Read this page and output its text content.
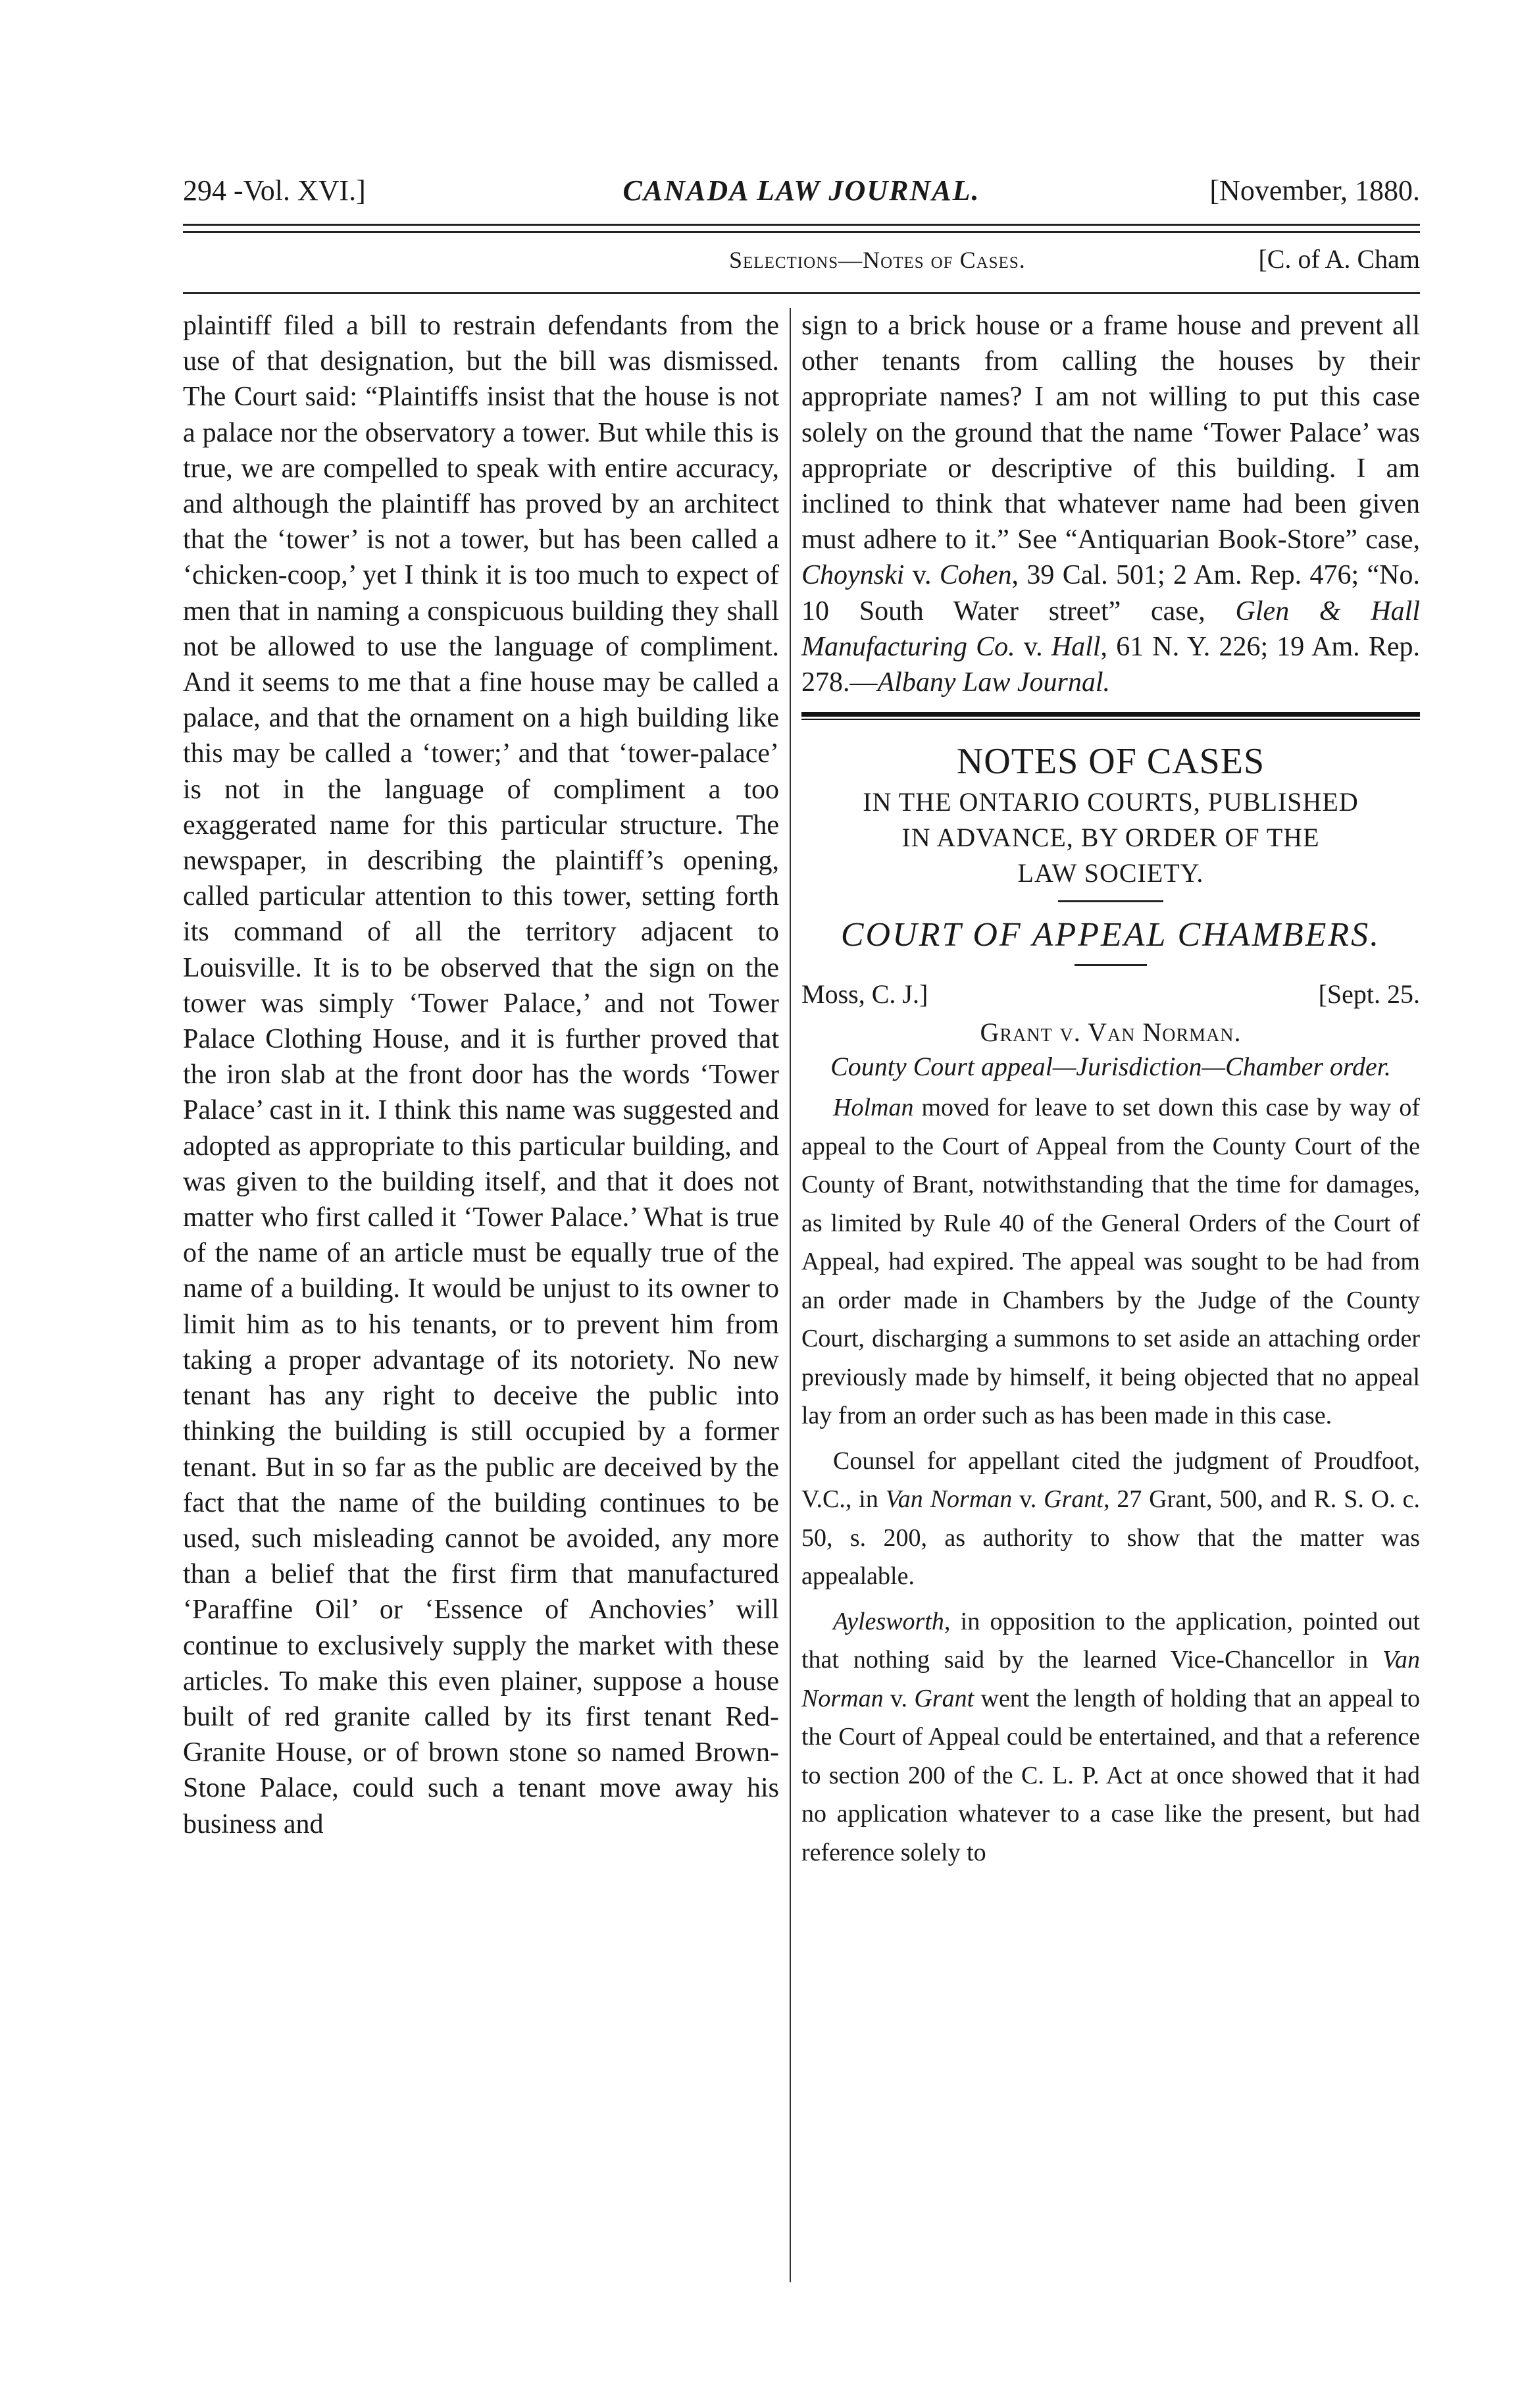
294 -Vol. XVI.]	CANADA LAW JOURNAL.	[November, 1880.
Selections—Notes of Cases.	[C. of A. Cham

plaintiff filed a bill to restrain defendants from the use of that designation, but the bill was dismissed. The Court said: “Plaintiffs insist that the house is not a palace nor the observatory a tower. But while this is true, we are compelled to speak with entire accuracy, and although the plaintiff has proved by an architect that the ‘tower’ is not a tower, but has been called a ‘chicken-coop,’ yet I think it is too much to expect of men that in naming a conspicuous building they shall not be allowed to use the language of compliment. And it seems to me that a fine house may be called a palace, and that the ornament on a high building like this may be called a ‘tower;’ and that ‘tower-palace’ is not in the language of compliment a too exaggerated name for this particular structure. The newspaper, in describing the plaintiff’s opening, called particular attention to this tower, setting forth its command of all the territory adjacent to Louisville. It is to be observed that the sign on the tower was simply ‘Tower Palace,’ and not Tower Palace Clothing House, and it is further proved that the iron slab at the front door has the words ‘Tower Palace’ cast in it. I think this name was suggested and adopted as appropriate to this particular building, and was given to the building itself, and that it does not matter who first called it ‘Tower Palace.’ What is true of the name of an article must be equally true of the name of a building. It would be unjust to its owner to limit him as to his tenants, or to prevent him from taking a proper advantage of its notoriety. No new tenant has any right to deceive the public into thinking the building is still occupied by a former tenant. But in so far as the public are deceived by the fact that the name of the building continues to be used, such misleading cannot be avoided, any more than a belief that the first firm that manufactured ‘Paraffine Oil’ or ‘Essence of Anchovies’ will continue to exclusively supply the market with these articles. To make this even plainer, suppose a house built of red granite called by its first tenant Red-Granite House, or of brown stone so named Brown-Stone Palace, could such a tenant move away his business and

sign to a brick house or a frame house and prevent all other tenants from calling the houses by their appropriate names? I am not willing to put this case solely on the ground that the name ‘Tower Palace’ was appropriate or descriptive of this building. I am inclined to think that whatever name had been given must adhere to it.” See “Antiquarian Book-Store” case, Choynski v. Cohen, 39 Cal. 501; 2 Am. Rep. 476; “No. 10 South Water street” case, Glen & Hall Manufacturing Co. v. Hall, 61 N. Y. 226; 19 Am. Rep. 278.—Albany Law Journal.

NOTES OF CASES
IN THE ONTARIO COURTS, PUBLISHED
IN ADVANCE, BY ORDER OF THE
LAW SOCIETY.
COURT OF APPEAL CHAMBERS.
Moss, C. J.]	[Sept. 25.
Grant v. Van Norman.
County Court appeal—Jurisdiction—Chamber order.

Holman moved for leave to set down this case by way of appeal to the Court of Appeal from the County Court of the County of Brant, notwithstanding that the time for damages, as limited by Rule 40 of the General Orders of the Court of Appeal, had expired. The appeal was sought to be had from an order made in Chambers by the Judge of the County Court, discharging a summons to set aside an attaching order previously made by himself, it being objected that no appeal lay from an order such as has been made in this case.

Counsel for appellant cited the judgment of Proudfoot, V.C., in Van Norman v. Grant, 27 Grant, 500, and R. S. O. c. 50, s. 200, as authority to show that the matter was appealable.

Aylesworth, in opposition to the application, pointed out that nothing said by the learned Vice-Chancellor in Van Norman v. Grant went the length of holding that an appeal to the Court of Appeal could be entertained, and that a reference to section 200 of the C. L. P. Act at once showed that it had no application whatever to a case like the present, but had reference solely to
